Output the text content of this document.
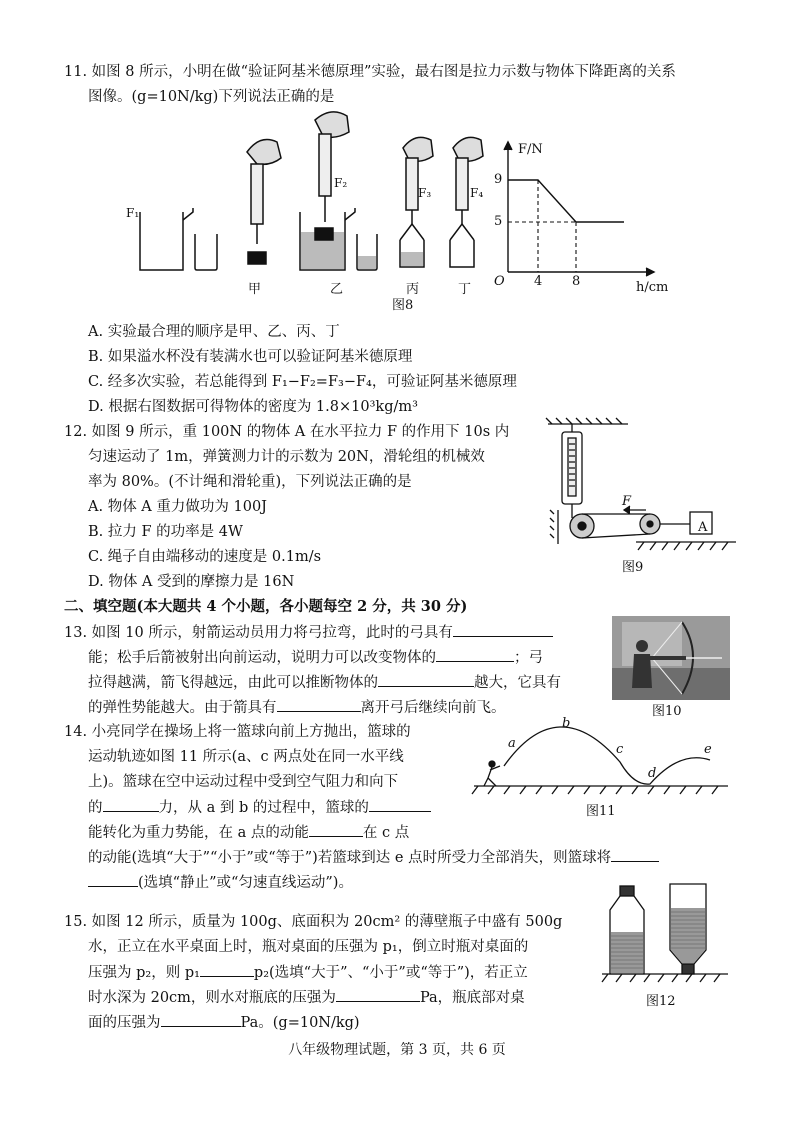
11. 如图 8 所示，小明在做“验证阿基米德原理”实验，最右图是拉力示数与物体下降距离的关系
图像。(g=10N/kg)下列说法正确的是
F₁
F₂
F₃	F₄
甲	乙	丙	丁
F/N
9
5
O 4 8	h/cm
图8
A. 实验最合理的顺序是甲、乙、丙、丁
B. 如果溢水杯没有装满水也可以验证阿基米德原理
C. 经多次实验，若总能得到 F₁−F₂=F₃−F₄，可验证阿基米德原理
D. 根据右图数据可得物体的密度为 1.8×10³kg/m³
12. 如图 9 所示，重 100N 的物体 A 在水平拉力 F 的作用下 10s 内
匀速运动了 1m，弹簧测力计的示数为 20N，滑轮组的机械效
率为 80%。(不计绳和滑轮重)，下列说法正确的是
A. 物体 A 重力做功为 100J
B. 拉力 F 的功率是 4W
C. 绳子自由端移动的速度是 0.1m/s
D. 物体 A 受到的摩擦力是 16N
F
A
图9
二、填空题(本大题共 4 个小题，各小题每空 2 分，共 30 分)
13. 如图 10 所示，射箭运动员用力将弓拉弯，此时的弓具有
能；松手后箭被射出向前运动，说明力可以改变物体的	；弓
拉得越满，箭飞得越远，由此可以推断物体的	越大，它具有
的弹性势能越大。由于箭具有	离开弓后继续向前飞。	图10
14. 小亮同学在操场上将一篮球向前上方抛出，篮球的
运动轨迹如图 11 所示(a、c 两点处在同一水平线
上)。篮球在空中运动过程中受到空气阻力和向下
的	力，从 a 到 b 的过程中，篮球的
能转化为重力势能，在 a 点的动能	在 c 点
的动能(选填“大于”“小于”或“等于”)若篮球到达 e 点时所受力全部消失，则篮球将
(选填“静止”或“匀速直线运动”)。
a
b
c
d
e
图11
15. 如图 12 所示，质量为 100g、底面积为 20cm² 的薄壁瓶子中盛有 500g
水，正立在水平桌面上时，瓶对桌面的压强为 p₁，倒立时瓶对桌面的
压强为 p₂，则 p₁	p₂(选填“大于”、“小于”或“等于”)，若正立
时水深为 20cm，则水对瓶底的压强为	Pa，瓶底部对桌
面的压强为	Pa。(g=10N/kg)
图12
八年级物理试题，第 3 页，共 6 页
